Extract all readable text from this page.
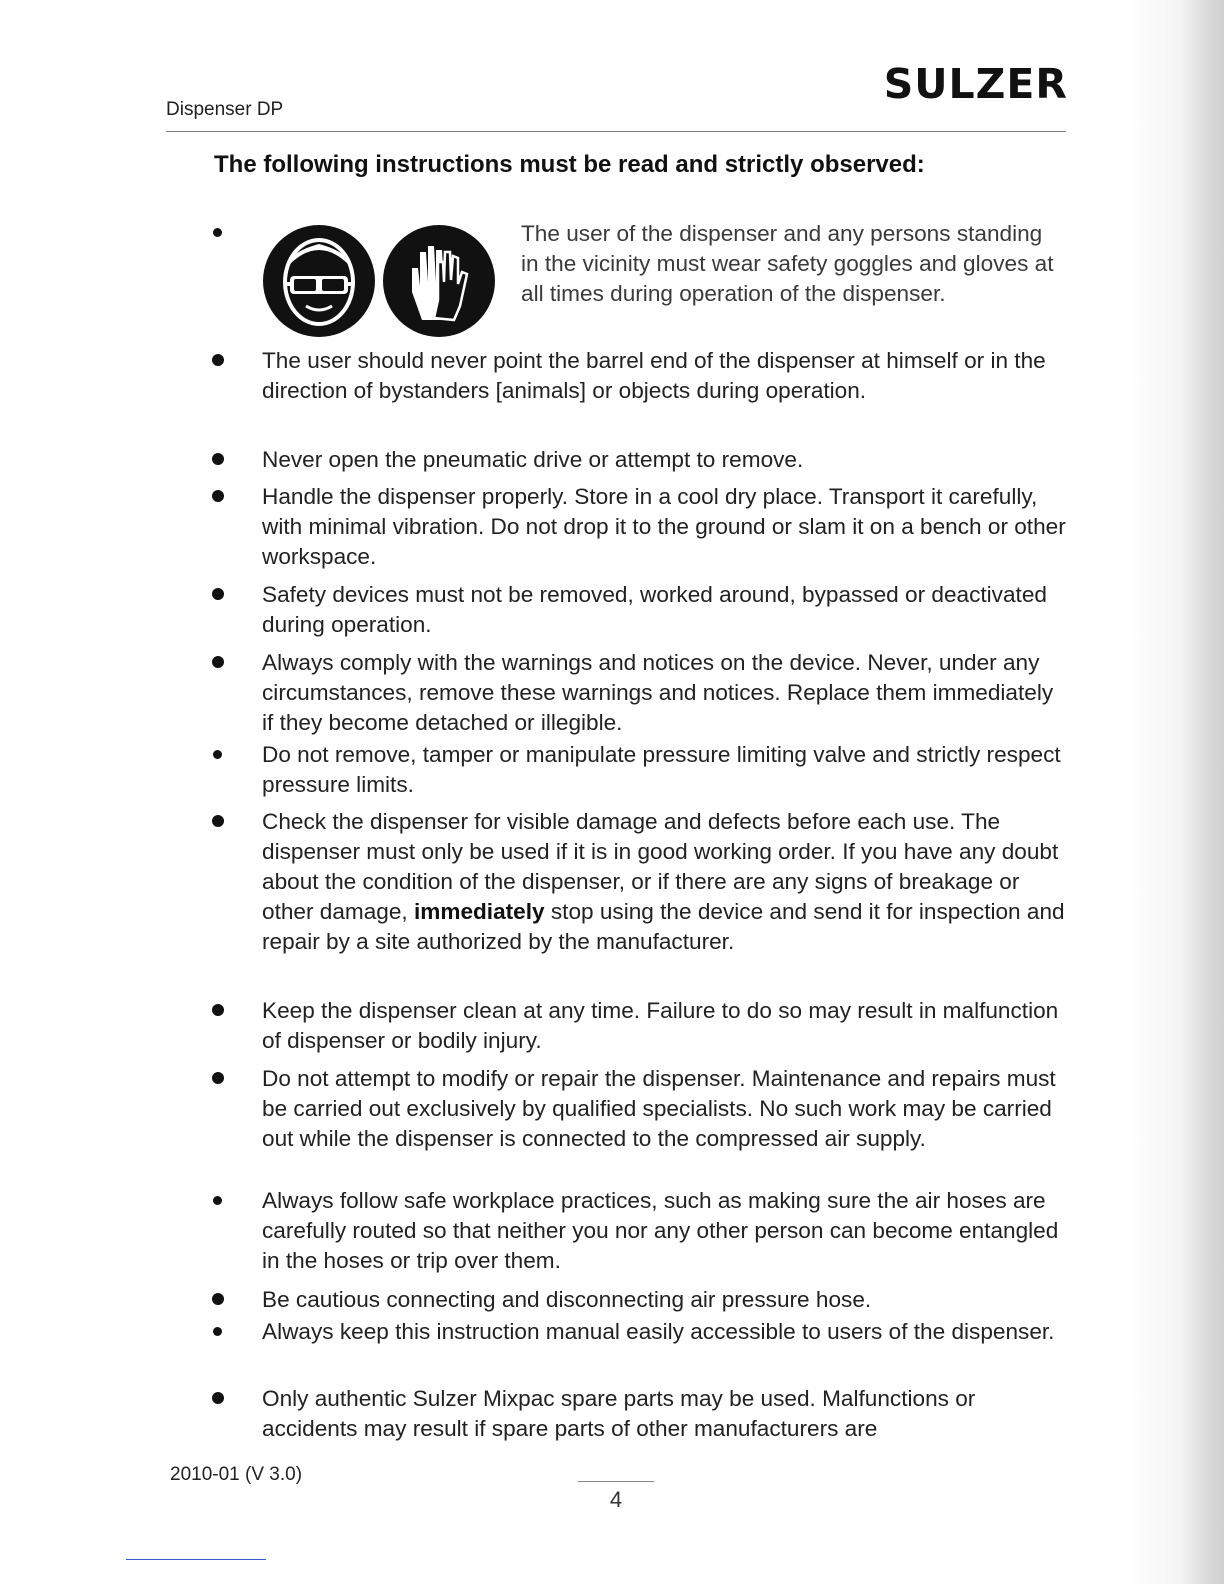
SULZER
Dispenser DP
The following instructions must be read and strictly observed:
The user of the dispenser and any persons standing in the vicinity must wear safety goggles and gloves at all times during operation of the dispenser.
The user should never point the barrel end of the dispenser at himself or in the direction of bystanders [animals] or objects during operation.
Never open the pneumatic drive or attempt to remove.
Handle the dispenser properly. Store in a cool dry place. Transport it carefully, with minimal vibration. Do not drop it to the ground or slam it on a bench or other workspace.
Safety devices must not be removed, worked around, bypassed or deactivated during operation.
Always comply with the warnings and notices on the device. Never, under any circumstances, remove these warnings and notices. Replace them immediately if they become detached or illegible.
Do not remove, tamper or manipulate pressure limiting valve and strictly respect pressure limits.
Check the dispenser for visible damage and defects before each use. The dispenser must only be used if it is in good working order. If you have any doubt about the condition of the dispenser, or if there are any signs of breakage or other damage, immediately stop using the device and send it for inspection and repair by a site authorized by the manufacturer.
Keep the dispenser clean at any time. Failure to do so may result in malfunction of dispenser or bodily injury.
Do not attempt to modify or repair the dispenser. Maintenance and repairs must be carried out exclusively by qualified specialists. No such work may be carried out while the dispenser is connected to the compressed air supply.
Always follow safe workplace practices, such as making sure the air hoses are carefully routed so that neither you nor any other person can become entangled in the hoses or trip over them.
Be cautious connecting and disconnecting air pressure hose.
Always keep this instruction manual easily accessible to users of the dispenser.
Only authentic Sulzer Mixpac spare parts may be used. Malfunctions or accidents may result if spare parts of other manufacturers are
2010-01 (V 3.0)
4
